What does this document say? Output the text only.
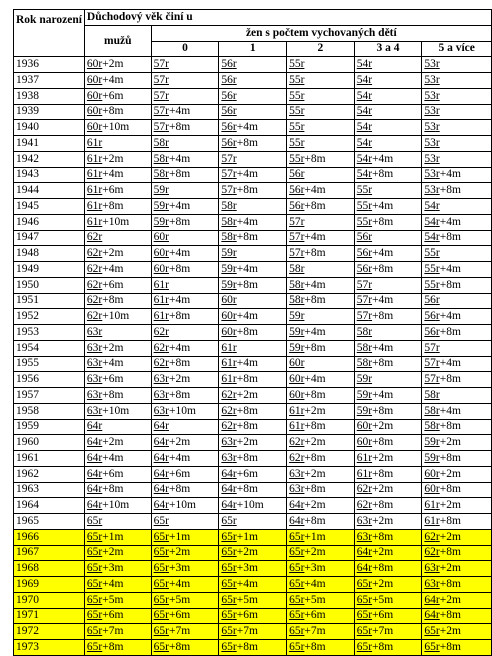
Rok narození	Důchodový věk činí u					
	mužů	žen s počtem vychovaných dětí				
		0	1	2	3 a 4	5 a více
1936	60r+2m	57r	56r	55r	54r	53r
1937	60r+4m	57r	56r	55r	54r	53r
1938	60r+6m	57r	56r	55r	54r	53r
1939	60r+8m	57r+4m	56r	55r	54r	53r
1940	60r+10m	57r+8m	56r+4m	55r	54r	53r
1941	61r	58r	56r+8m	55r	54r	53r
1942	61r+2m	58r+4m	57r	55r+8m	54r+4m	53r
1943	61r+4m	58r+8m	57r+4m	56r	54r+8m	53r+4m
1944	61r+6m	59r	57r+8m	56r+4m	55r	53r+8m
1945	61r+8m	59r+4m	58r	56r+8m	55r+4m	54r
1946	61r+10m	59r+8m	58r+4m	57r	55r+8m	54r+4m
1947	62r	60r	58r+8m	57r+4m	56r	54r+8m
1948	62r+2m	60r+4m	59r	57r+8m	56r+4m	55r
1949	62r+4m	60r+8m	59r+4m	58r	56r+8m	55r+4m
1950	62r+6m	61r	59r+8m	58r+4m	57r	55r+8m
1951	62r+8m	61r+4m	60r	58r+8m	57r+4m	56r
1952	62r+10m	61r+8m	60r+4m	59r	57r+8m	56r+4m
1953	63r	62r	60r+8m	59r+4m	58r	56r+8m
1954	63r+2m	62r+4m	61r	59r+8m	58r+4m	57r
1955	63r+4m	62r+8m	61r+4m	60r	58r+8m	57r+4m
1956	63r+6m	63r+2m	61r+8m	60r+4m	59r	57r+8m
1957	63r+8m	63r+8m	62r+2m	60r+8m	59r+4m	58r
1958	63r+10m	63r+10m	62r+8m	61r+2m	59r+8m	58r+4m
1959	64r	64r	62r+8m	61r+8m	60r+2m	58r+8m
1960	64r+2m	64r+2m	63r+2m	62r+2m	60r+8m	59r+2m
1961	64r+4m	64r+4m	63r+8m	62r+8m	61r+2m	59r+8m
1962	64r+6m	64r+6m	64r+6m	63r+2m	61r+8m	60r+2m
1963	64r+8m	64r+8m	64r+8m	63r+8m	62r+2m	60r+8m
1964	64r+10m	64r+10m	64r+10m	64r+2m	62r+8m	61r+2m
1965	65r	65r	65r	64r+8m	63r+2m	61r+8m
1966	65r+1m	65r+1m	65r+1m	65r+1m	63r+8m	62r+2m
1967	65r+2m	65r+2m	65r+2m	65r+2m	64r+2m	62r+8m
1968	65r+3m	65r+3m	65r+3m	65r+3m	64r+8m	63r+2m
1969	65r+4m	65r+4m	65r+4m	65r+4m	65r+2m	63r+8m
1970	65r+5m	65r+5m	65r+5m	65r+5m	65r+5m	64r+2m
1971	65r+6m	65r+6m	65r+6m	65r+6m	65r+6m	64r+8m
1972	65r+7m	65r+7m	65r+7m	65r+7m	65r+7m	65r+2m
1973	65r+8m	65r+8m	65r+8m	65r+8m	65r+8m	65r+8m
